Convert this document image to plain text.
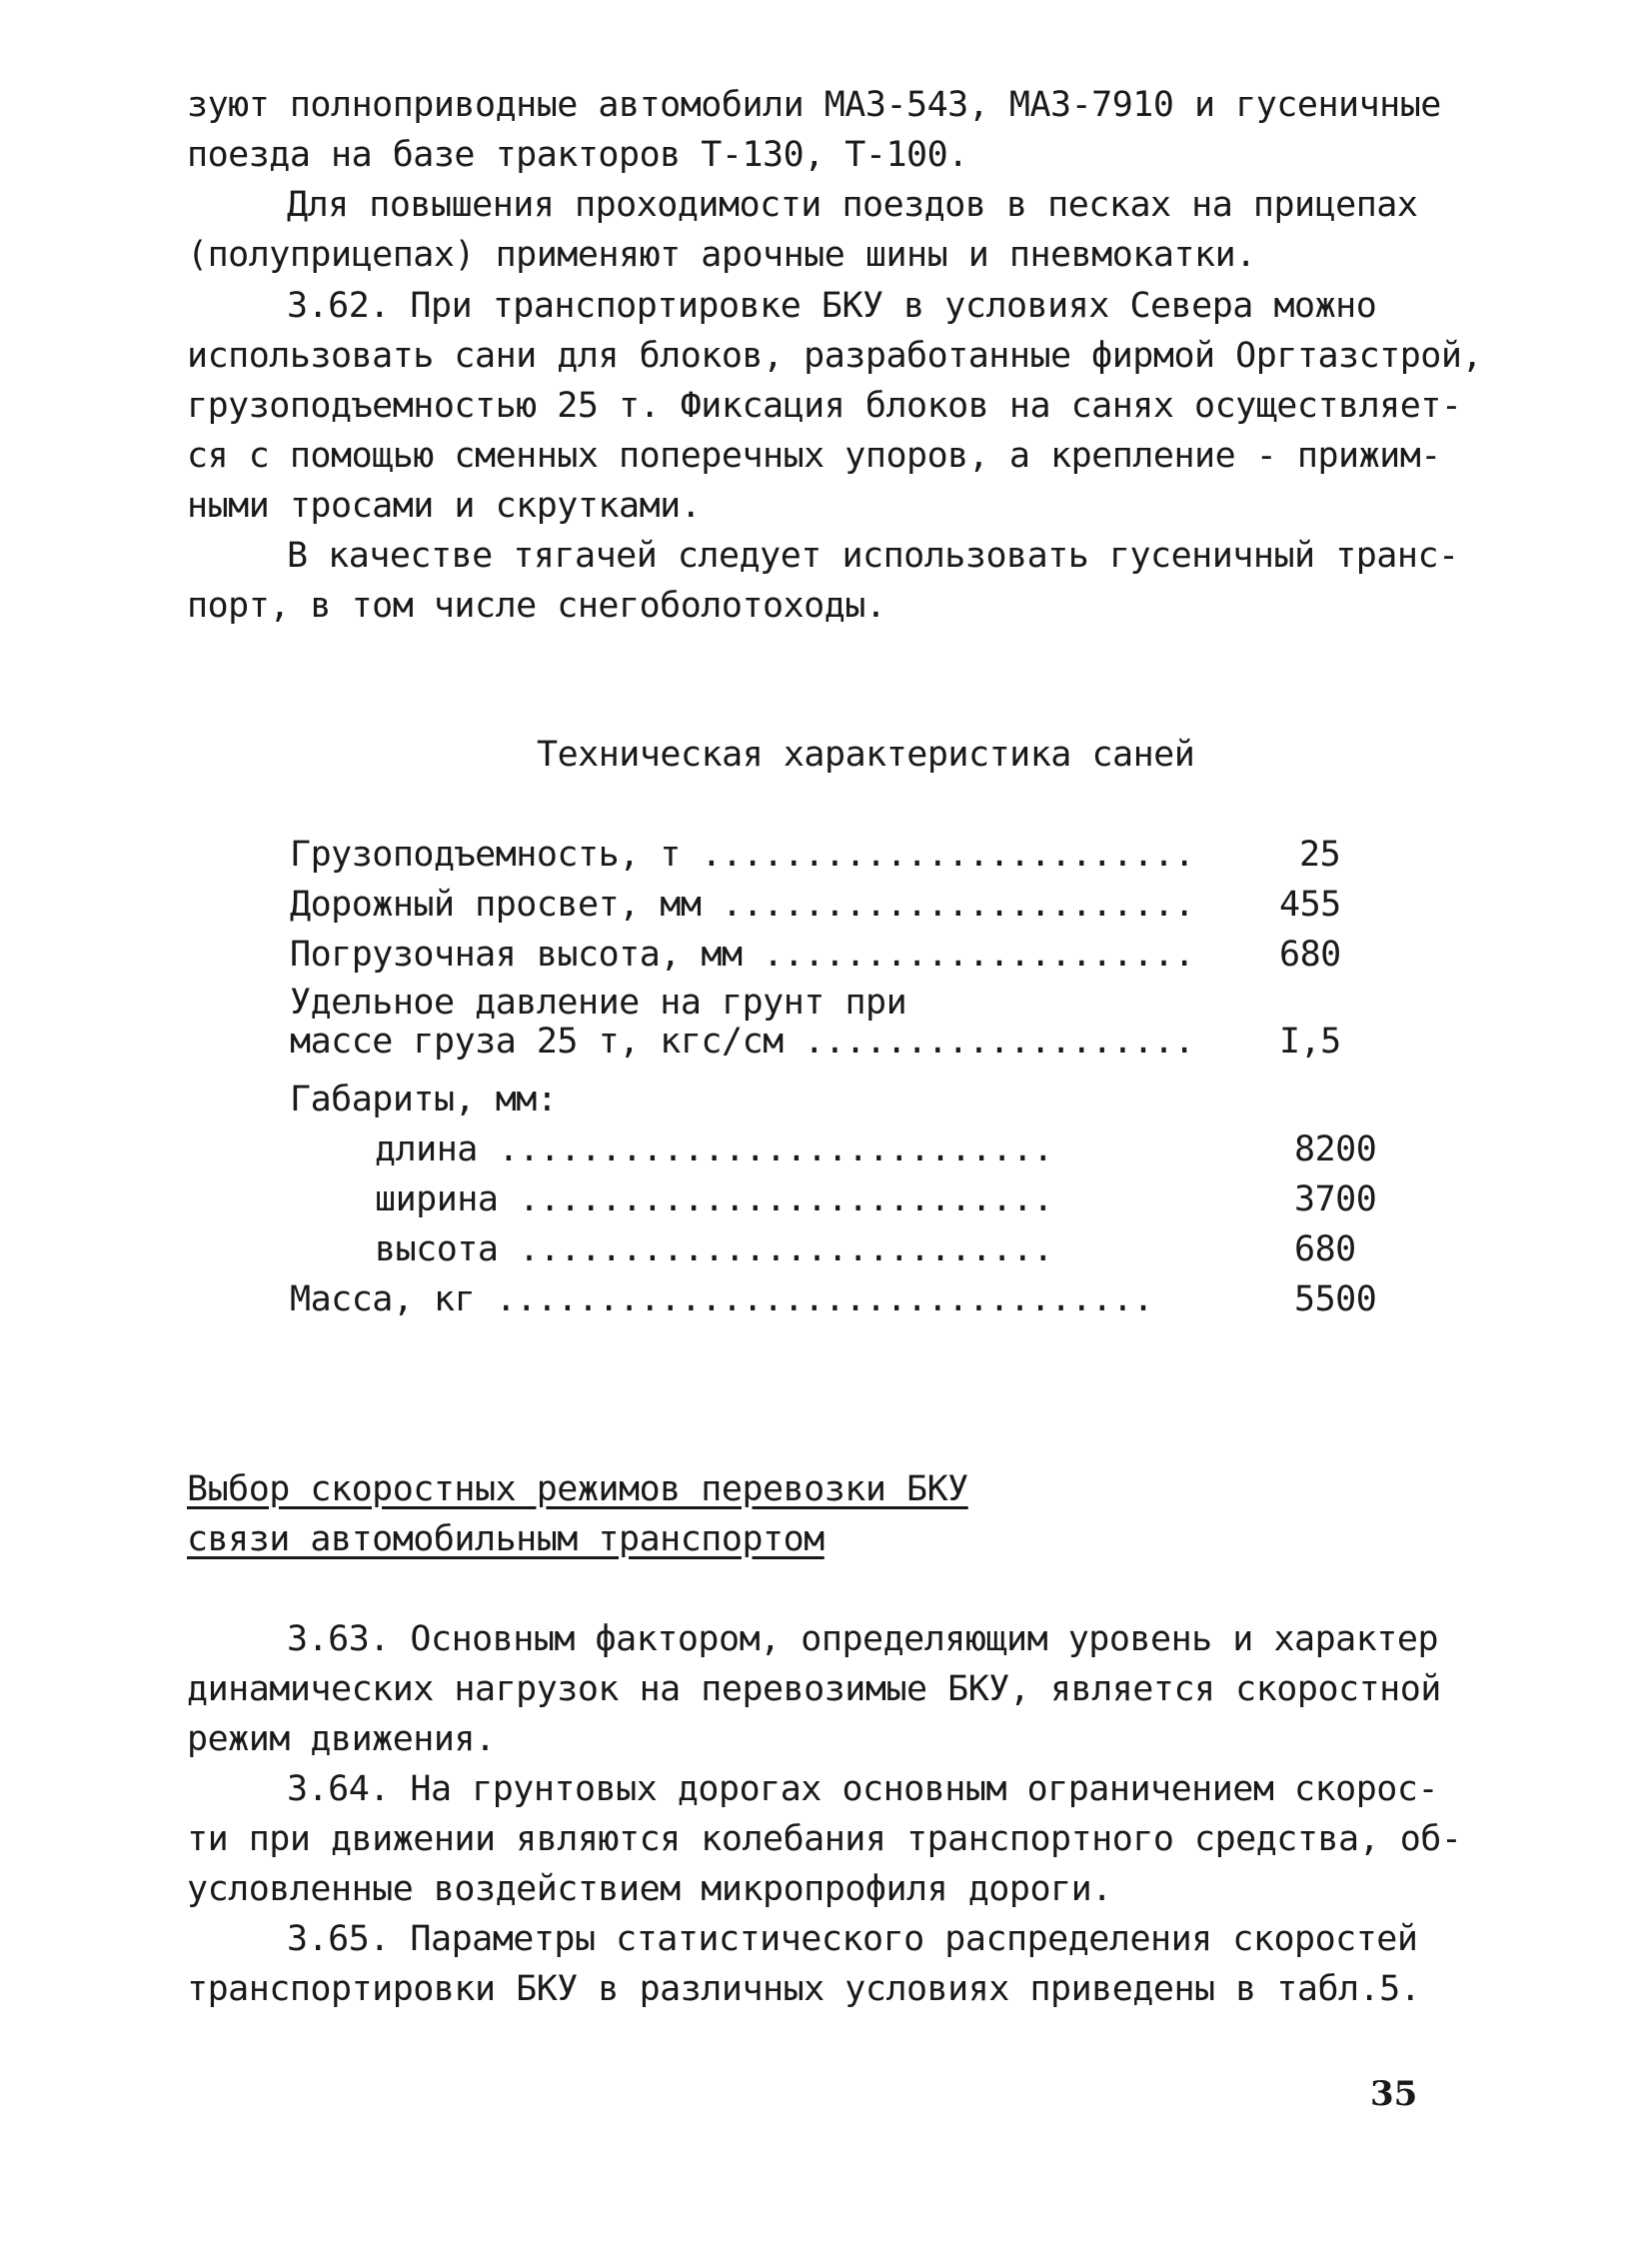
зуют полноприводные автомобили МАЗ-543, МАЗ-7910 и гусеничные
поезда на базе тракторов Т-130, Т-100.
Для повышения проходимости поездов в песках на прицепах
(полуприцепах) применяют арочные шины и пневмокатки.
3.62. При транспортировке БКУ в условиях Севера можно
использовать сани для блоков, разработанные фирмой Оргтазстрой,
грузоподъемностью 25 т. Фиксация блоков на санях осуществляет-
ся с помощью сменных поперечных упоров, а крепление - прижим-
ными тросами и скрутками.
В качестве тягачей следует использовать гусеничный транс-
порт, в том числе снегоболотоходы.
Техническая характеристика саней
Грузоподъемность, т ........................	25
Дорожный просвет, мм ....................... 455
Погрузочная высота, мм ..................... 680
Удельное давление на грунт при
массе груза 25 т, кгс/см ................... I,5
Габариты, мм:
длина ...........................	8200
ширина ..........................	3700
высота ..........................	680
Масса, кг ................................	5500
Выбор скоростных режимов перевозки БКУ
связи автомобильным транспортом
3.63. Основным фактором, определяющим уровень и характер
динамических нагрузок на перевозимые БКУ, является скоростной
режим движения.
3.64. На грунтовых дорогах основным ограничением скорос-
ти при движении являются колебания транспортного средства, об-
условленные воздействием микропрофиля дороги.
3.65. Параметры статистического распределения скоростей
транспортировки БКУ в различных условиях приведены в табл.5.
35
